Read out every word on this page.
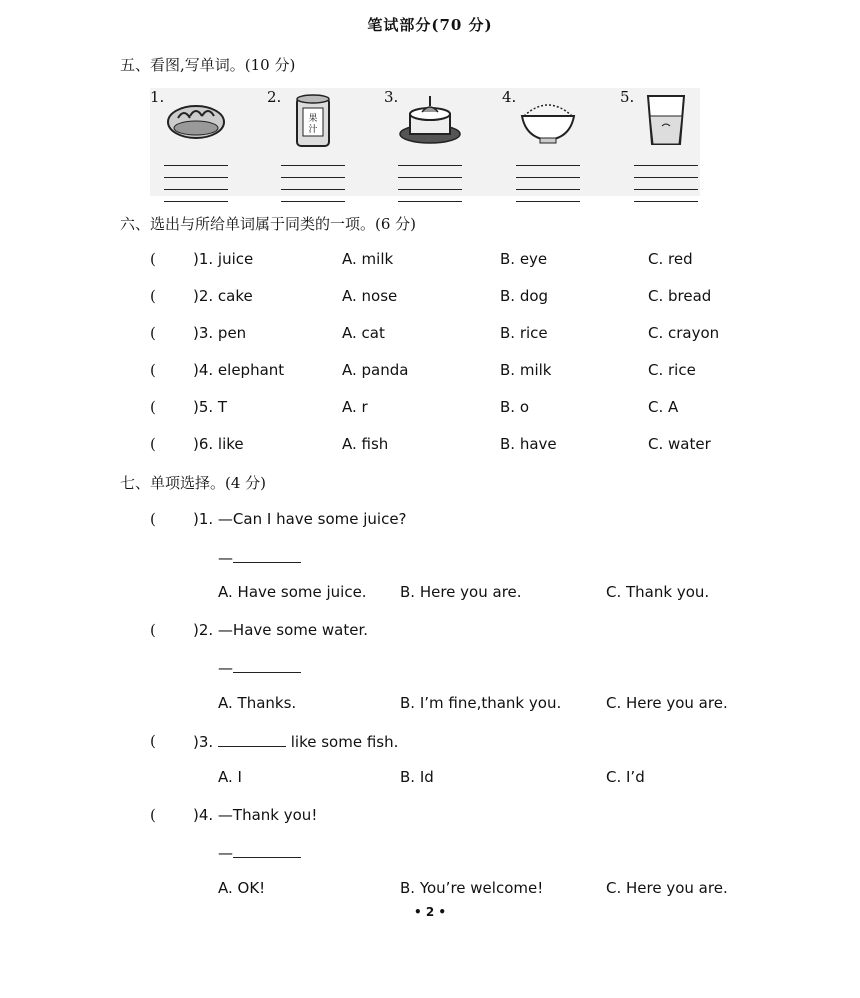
笔试部分(70 分)
五、看图,写单词。(10 分)
1.	2.
果
汁
3.	4.	5.
六、选出与所给单词属于同类的一项。(6 分)
( )1. juice	A. milk	B. eye	C. red
( )2. cake	A. nose	B. dog	C. bread
( )3. pen	A. cat	B. rice	C. crayon
( )4. elephant	A. panda	B. milk	C. rice
( )5. T	A. r	B. o	C. A
( )6. like	A. fish	B. have	C. water
七、单项选择。(4 分)
( )1. —Can I have some juice?
—
A. Have some juice. B. Here you are.	C. Thank you.
( )2. —Have some water.
—
A. Thanks.	B. I’m fine,thank you.	C. Here you are.
( )3.	like some fish.
A. I	B. Id	C. I’d
( )4. —Thank you!
—
A. OK!	B. You’re welcome!	C. Here you are.
• 2 •
